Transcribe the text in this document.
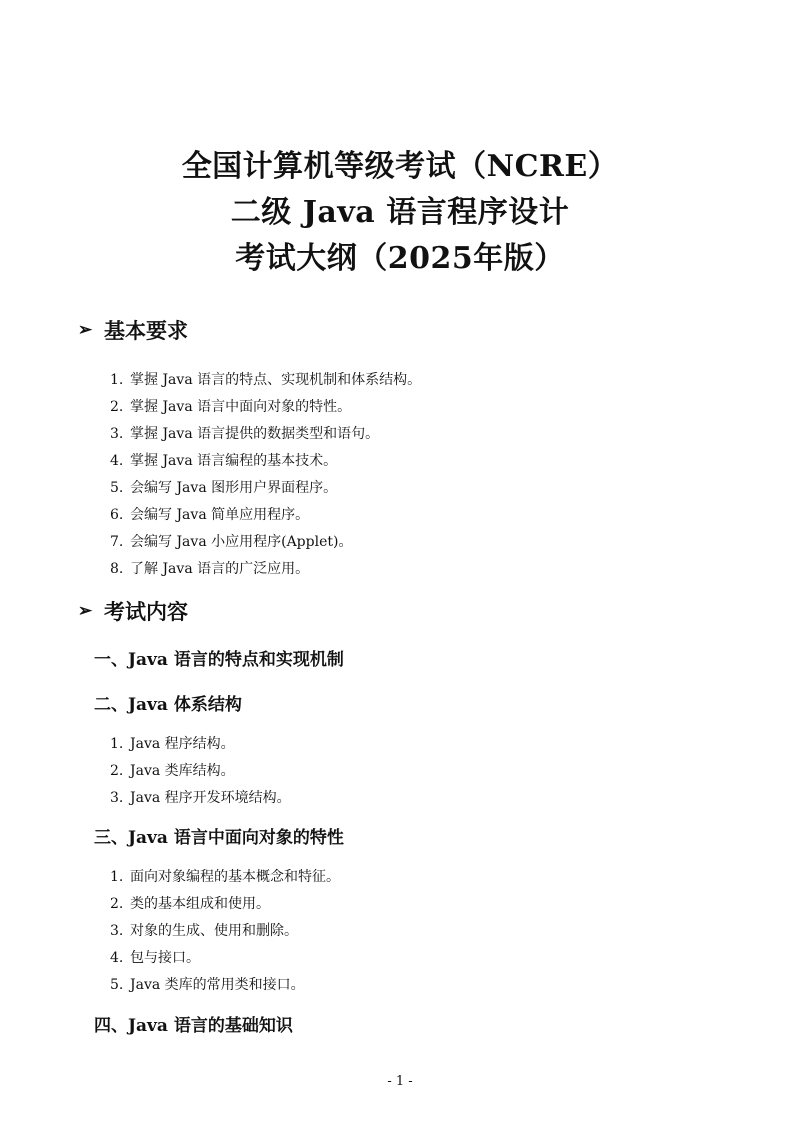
全国计算机等级考试（NCRE）
二级 Java 语言程序设计
考试大纲（2025年版）
➢ 基本要求
1. 掌握 Java 语言的特点、实现机制和体系结构。
2. 掌握 Java 语言中面向对象的特性。
3. 掌握 Java 语言提供的数据类型和语句。
4. 掌握 Java 语言编程的基本技术。
5. 会编写 Java 图形用户界面程序。
6. 会编写 Java 简单应用程序。
7. 会编写 Java 小应用程序(Applet)。
8. 了解 Java 语言的广泛应用。
➢ 考试内容
一、Java 语言的特点和实现机制
二、Java 体系结构
1. Java 程序结构。
2. Java 类库结构。
3. Java 程序开发环境结构。
三、Java 语言中面向对象的特性
1. 面向对象编程的基本概念和特征。
2. 类的基本组成和使用。
3. 对象的生成、使用和删除。
4. 包与接口。
5. Java 类库的常用类和接口。
四、Java 语言的基础知识
- 1 -
